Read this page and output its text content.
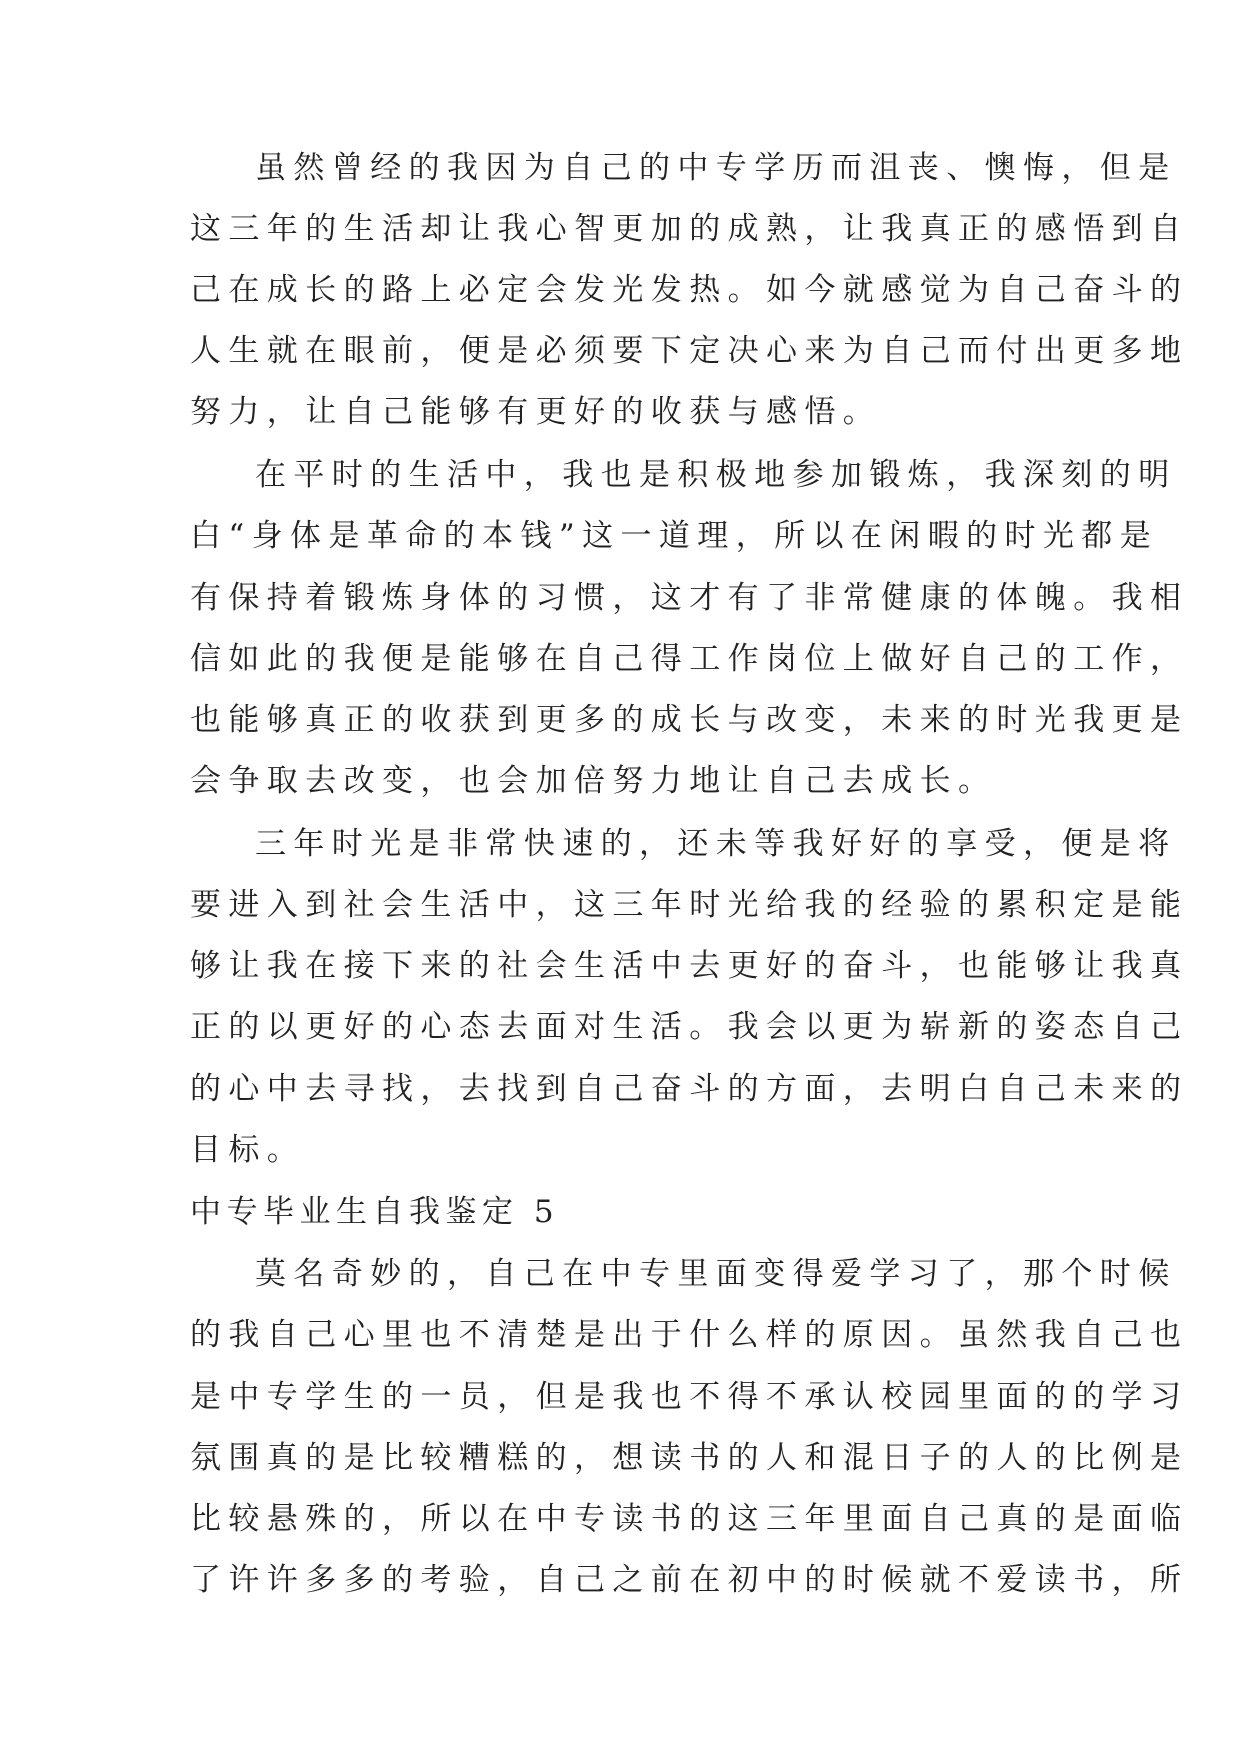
虽然曾经的我因为自己的中专学历而沮丧、懊悔，但是

这三年的生活却让我心智更加的成熟，让我真正的感悟到自

己在成长的路上必定会发光发热。如今就感觉为自己奋斗的

人生就在眼前，便是必须要下定决心来为自己而付出更多地

努力，让自己能够有更好的收获与感悟。

在平时的生活中，我也是积极地参加锻炼，我深刻的明

白“身体是革命的本钱”这一道理，所以在闲暇的时光都是

有保持着锻炼身体的习惯，这才有了非常健康的体魄。我相

信如此的我便是能够在自己得工作岗位上做好自己的工作，

也能够真正的收获到更多的成长与改变，未来的时光我更是

会争取去改变，也会加倍努力地让自己去成长。

三年时光是非常快速的，还未等我好好的享受，便是将

要进入到社会生活中，这三年时光给我的经验的累积定是能

够让我在接下来的社会生活中去更好的奋斗，也能够让我真

正的以更好的心态去面对生活。我会以更为崭新的姿态自己

的心中去寻找，去找到自己奋斗的方面，去明白自己未来的

目标。

中专毕业生自我鉴定 5

莫名奇妙的，自己在中专里面变得爱学习了，那个时候

的我自己心里也不清楚是出于什么样的原因。虽然我自己也

是中专学生的一员，但是我也不得不承认校园里面的的学习

氛围真的是比较糟糕的，想读书的人和混日子的人的比例是

比较悬殊的，所以在中专读书的这三年里面自己真的是面临

了许许多多的考验，自己之前在初中的时候就不爱读书，所
